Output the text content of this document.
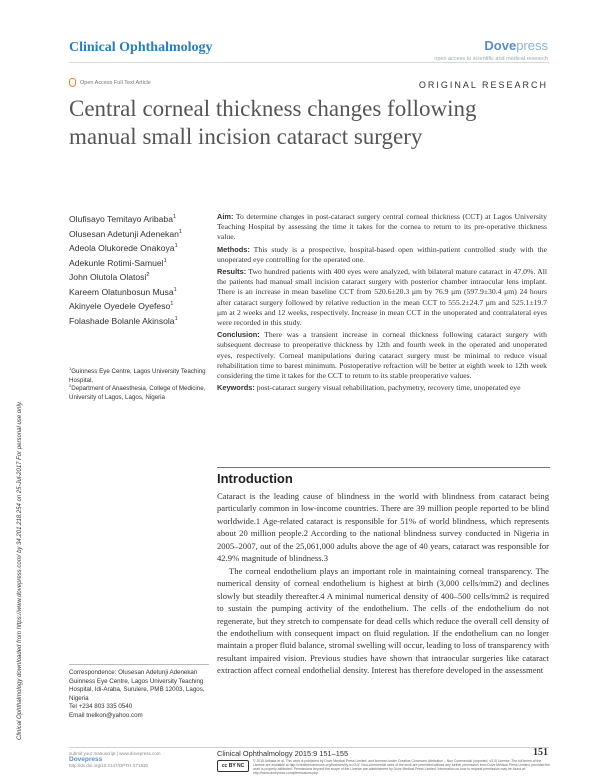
Clinical Ophthalmology	Dovepress
open access to scientific and medical research
Open Access Full Text Article	ORIGINAL RESEARCH
Central corneal thickness changes following manual small incision cataract surgery
Clinical Ophthalmology downloaded from https://www.dovepress.com/ by 34.201.218.254 on 25-Jul-2017 For personal use only.
Olufisayo Temitayo Aribaba$^1$
Olusesan Adetunji Adenekan$^1$
Adeola Olukorede Onakoya$^1$
Adekunle Rotimi-Samuel$^1$
John Olutola Olatosi$^2$
Kareem Olatunbosun Musa$^1$
Akinyele Oyedele Oyefeso$^1$
Folashade Bolanle Akinsola$^1$
$^1$Guinness Eye Centre, Lagos University Teaching Hospital,
$^2$Department of Anaesthesia, College of Medicine, University of Lagos, Lagos, Nigeria
Correspondence: Olusesan Adetunji Adenekan
Guinness Eye Centre, Lagos University Teaching Hospital, Idi-Araba, Surulere, PMB 12003, Lagos, Nigeria
Tel +234 803 335 0540
Email tnelkon@yahoo.com

Aim: To determine changes in post-cataract surgery central corneal thickness (CCT) at Lagos University Teaching Hospital by assessing the time it takes for the cornea to return to its pre-operative thickness value.

Methods: This study is a prospective, hospital-based open within-patient controlled study with the unoperated eye controlling for the operated one.

Results: Two hundred patients with 400 eyes were analyzed, with bilateral mature cataract in 47.0%. All the patients had manual small incision cataract surgery with posterior chamber intraocular lens implant. There is an increase in mean baseline CCT from 520.6±20.3 μm by 76.9 μm (597.9±30.4 μm) 24 hours after cataract surgery followed by relative reduction in the mean CCT to 555.2±24.7 μm and 525.1±19.7 μm at 2 weeks and 12 weeks, respectively. Increase in mean CCT in the unoperated and contralateral eyes were recorded in this study.

Conclusion: There was a transient increase in corneal thickness following cataract surgery with subsequent decrease to preoperative thickness by 12th and fourth week in the operated and unoperated eyes, respectively. Corneal manipulations during cataract surgery must be minimal to reduce visual rehabilitation time to barest minimum. Postoperative refraction will be better at eighth week to 12th week considering the time it takes for the CCT to return to its stable preoperative values.

Keywords: post-cataract surgery visual rehabilitation, pachymetry, recovery time, unoperated eye

Introduction

Cataract is the leading cause of blindness in the world with blindness from cataract being particularly common in low-income countries. There are 39 million people reported to be blind worldwide.1 Age-related cataract is responsible for 51% of world blindness, which represents about 20 million people.2 According to the national blindness survey conducted in Nigeria in 2005–2007, out of the 25,061,000 adults above the age of 40 years, cataract was responsible for 42.9% magnitude of blindness.3

The corneal endothelium plays an important role in maintaining corneal transparency. The numerical density of corneal endothelium is highest at birth (3,000 cells/mm2) and declines slowly but steadily thereafter.4 A minimal numerical density of 400–500 cells/mm2 is required to sustain the pumping activity of the endothelium. The cells of the endothelium do not regenerate, but they stretch to compensate for dead cells which reduce the overall cell density of the endothelium with consequent impact on fluid regulation. If the endothelium can no longer maintain a proper fluid balance, stromal swelling will occur, leading to loss of transparency with resultant impaired vision. Previous studies have shown that intraocular surgeries like cataract extraction affect corneal endothelial density. Interest has therefore developed in the assessment

submit your manuscript | www.dovepress.com
Dovepress
http://dx.doi.org/10.2147/OPTH.S71930
Clinical Ophthalmology 2015:9 151–155	151
cc BY NC
© 2015 Aribaba et al. This work is published by Dove Medical Press Limited, and licensed under Creative Commons Attribution – Non Commercial (unported, v3.0) License. The full terms of the License are available at http://creativecommons.org/licenses/by-nc/3.0/. Non-commercial uses of the work are permitted without any further permission from Dove Medical Press Limited, provided the work is properly attributed. Permissions beyond the scope of the License are administered by Dove Medical Press Limited. Information on how to request permission may be found at: http://www.dovepress.com/permissions.php
